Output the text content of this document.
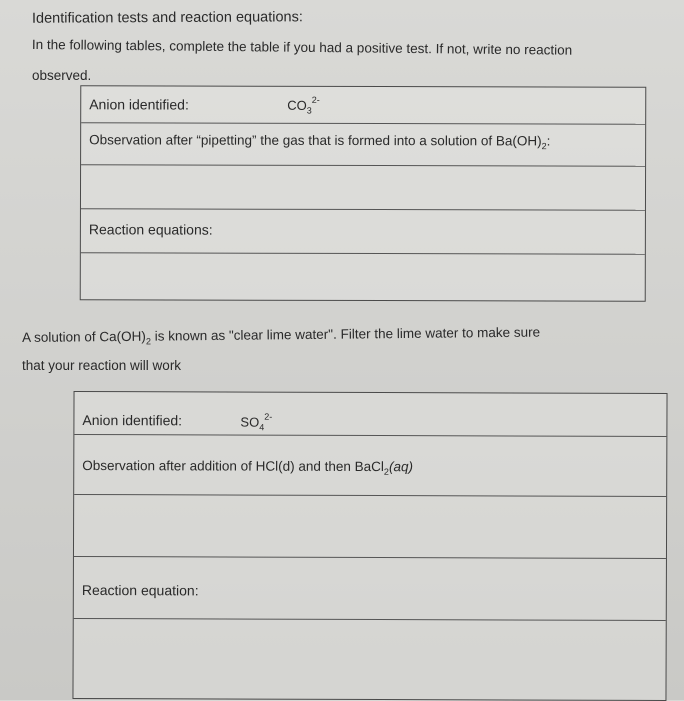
Identification tests and reaction equations:
In the following tables, complete the table if you had a positive test. If not, write no reaction
observed.
Anion identified:	$CO_3^{2-}$
Observation after “pipetting” the gas that is formed into a solution of $Ba(OH)_2$:
Reaction equations:
A solution of $Ca(OH)_2$ is known as "clear lime water". Filter the lime water to make sure
that your reaction will work
Anion identified:	$SO_4^{2-}$
Observation after addition of HCl(d) and then BaCl$_2$(aq)
Reaction equation:
